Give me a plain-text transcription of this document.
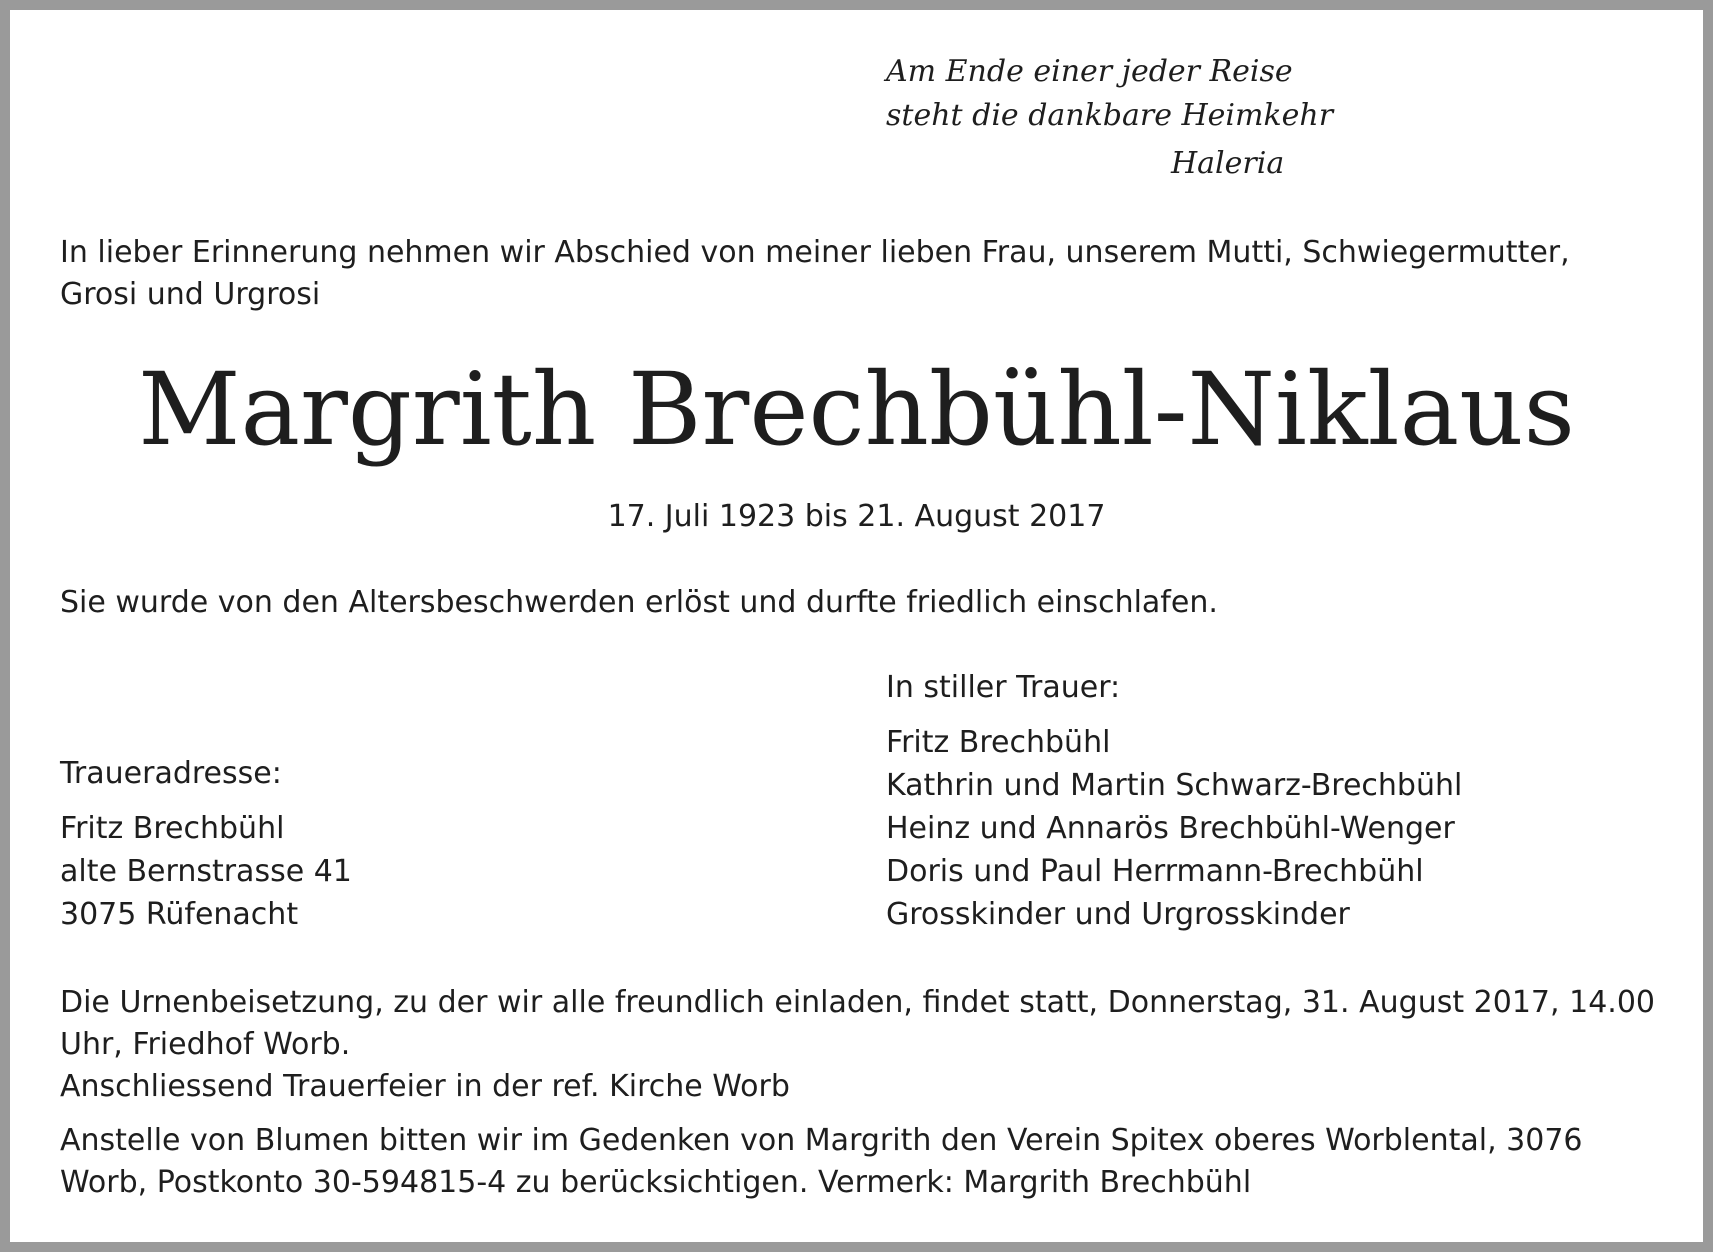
Am Ende einer jeder Reise
steht die dankbare Heimkehr
Haleria
In lieber Erinnerung nehmen wir Abschied von meiner lieben Frau, unserem Mutti, Schwiegermutter, Grosi und Urgrosi
Margrith Brechbühl-Niklaus
17. Juli 1923 bis 21. August 2017
Sie wurde von den Altersbeschwerden erlöst und durfte friedlich einschlafen.
In stiller Trauer:
Fritz Brechbühl
Kathrin und Martin Schwarz-Brechbühl
Heinz und Annarös Brechbühl-Wenger
Doris und Paul Herrmann-Brechbühl
Grosskinder und Urgrosskinder
Traueradresse:
Fritz Brechbühl
alte Bernstrasse 41
3075 Rüfenacht
Die Urnenbeisetzung, zu der wir alle freundlich einladen, findet statt, Donnerstag, 31. August 2017, 14.00 Uhr, Friedhof Worb.
Anschliessend Trauerfeier in der ref. Kirche Worb
Anstelle von Blumen bitten wir im Gedenken von Margrith den Verein Spitex oberes Worblental, 3076 Worb, Postkonto 30-594815-4 zu berücksichtigen. Vermerk: Margrith Brechbühl
